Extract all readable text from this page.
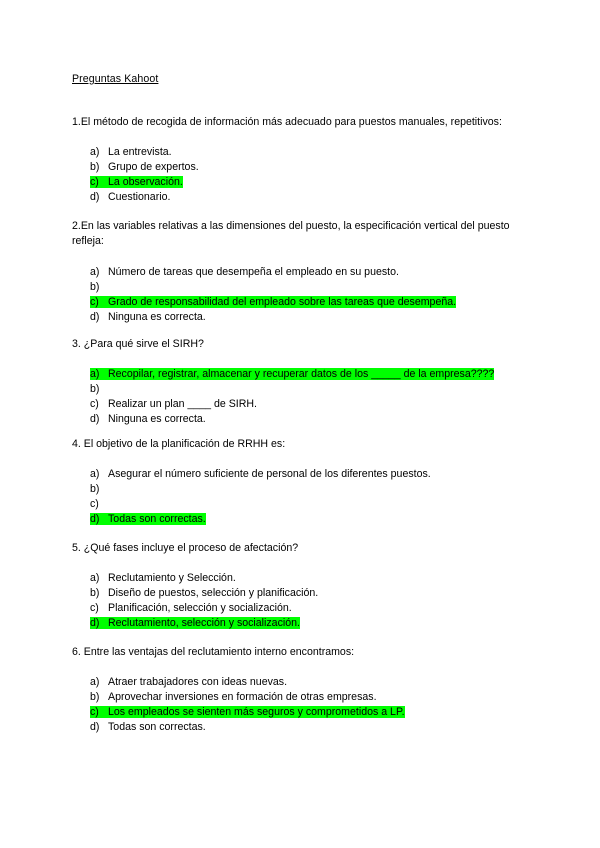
Preguntas Kahoot
1.El método de recogida de información más adecuado para puestos manuales, repetitivos:
a) La entrevista.
b) Grupo de expertos.
c) La observación.
d) Cuestionario.
2.En las variables relativas a las dimensiones del puesto, la especificación vertical del puesto refleja:
a) Número de tareas que desempeña el empleado en su puesto.
b)
c) Grado de responsabilidad del empleado sobre las tareas que desempeña.
d) Ninguna es correcta.
3. ¿Para qué sirve el SIRH?
a) Recopilar, registrar, almacenar y recuperar datos de los _____ de la empresa????
b)
c) Realizar un plan ____ de SIRH.
d) Ninguna es correcta.
4. El objetivo de la planificación de RRHH es:
a) Asegurar el número suficiente de personal de los diferentes puestos.
b)
c)
d) Todas son correctas.
5. ¿Qué fases incluye el proceso de afectación?
a) Reclutamiento y Selección.
b) Diseño de puestos, selección y planificación.
c) Planificación, selección y socialización.
d) Reclutamiento, selección y socialización.
6. Entre las ventajas del reclutamiento interno encontramos:
a) Atraer trabajadores con ideas nuevas.
b) Aprovechar inversiones en formación de otras empresas.
c) Los empleados se sienten más seguros y comprometidos a LP.
d) Todas son correctas.
